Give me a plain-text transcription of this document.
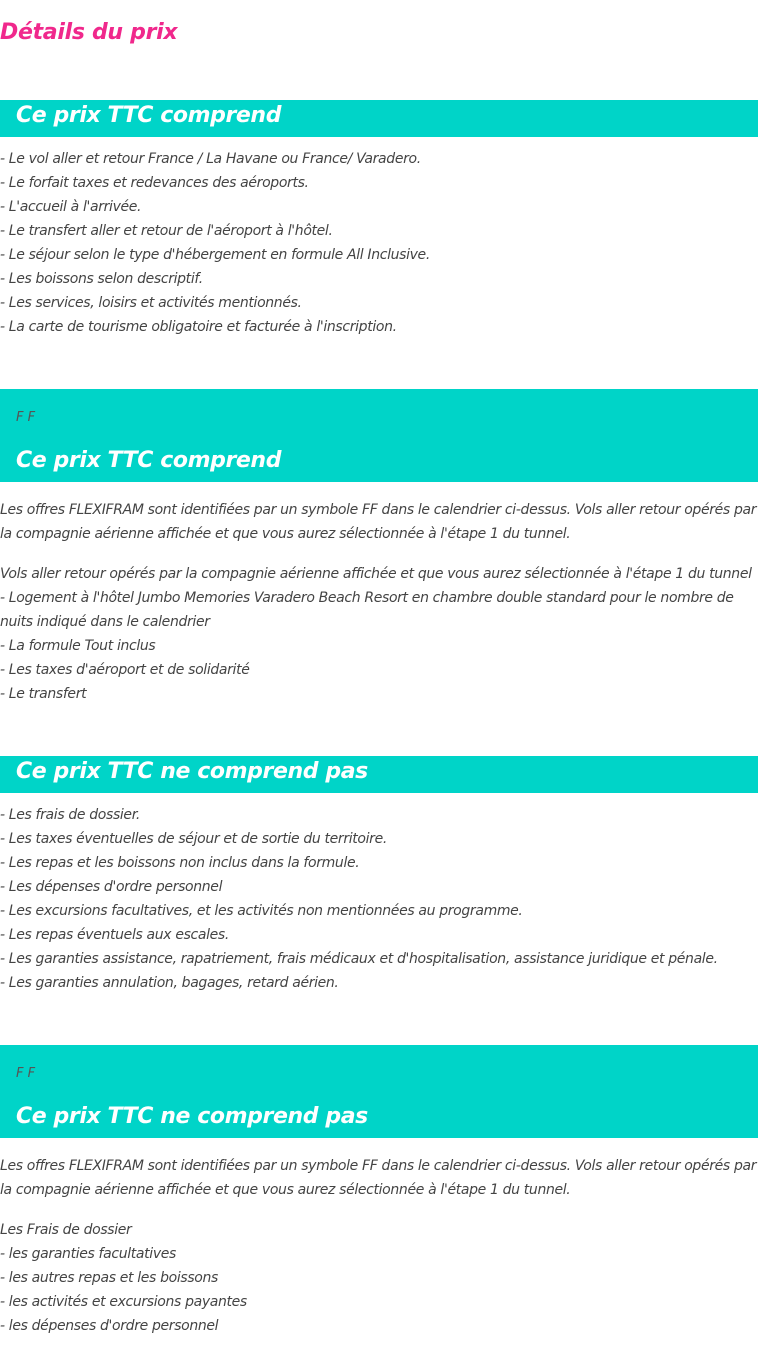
Détails du prix
Ce prix TTC comprend
- Le vol aller et retour France / La Havane ou France/ Varadero.
- Le forfait taxes et redevances des aéroports.
- L'accueil à l'arrivée.
- Le transfert aller et retour de l'aéroport à l'hôtel.
- Le séjour selon le type d'hébergement en formule All Inclusive.
- Les boissons selon descriptif.
- Les services, loisirs et activités mentionnés.
- La carte de tourisme obligatoire et facturée à l'inscription.
F F
Ce prix TTC comprend
Les offres FLEXIFRAM sont identifiées par un symbole FF dans le calendrier ci-dessus. Vols aller retour opérés par la compagnie aérienne affichée et que vous aurez sélectionnée à l'étape 1 du tunnel.
Vols aller retour opérés par la compagnie aérienne affichée et que vous aurez sélectionnée à l'étape 1 du tunnel
- Logement à l'hôtel Jumbo Memories Varadero Beach Resort en chambre double standard pour le nombre de nuits indiqué dans le calendrier
- La formule Tout inclus
- Les taxes d'aéroport et de solidarité
- Le transfert
Ce prix TTC ne comprend pas
- Les frais de dossier.
- Les taxes éventuelles de séjour et de sortie du territoire.
- Les repas et les boissons non inclus dans la formule.
- Les dépenses d'ordre personnel
- Les excursions facultatives, et les activités non mentionnées au programme.
- Les repas éventuels aux escales.
- Les garanties assistance, rapatriement, frais médicaux et d'hospitalisation, assistance juridique et pénale.
- Les garanties annulation, bagages, retard aérien.
F F
Ce prix TTC ne comprend pas
Les offres FLEXIFRAM sont identifiées par un symbole FF dans le calendrier ci-dessus. Vols aller retour opérés par la compagnie aérienne affichée et que vous aurez sélectionnée à l'étape 1 du tunnel.
Les Frais de dossier
- les garanties facultatives
- les autres repas et les boissons
- les activités et excursions payantes
- les dépenses d'ordre personnel
